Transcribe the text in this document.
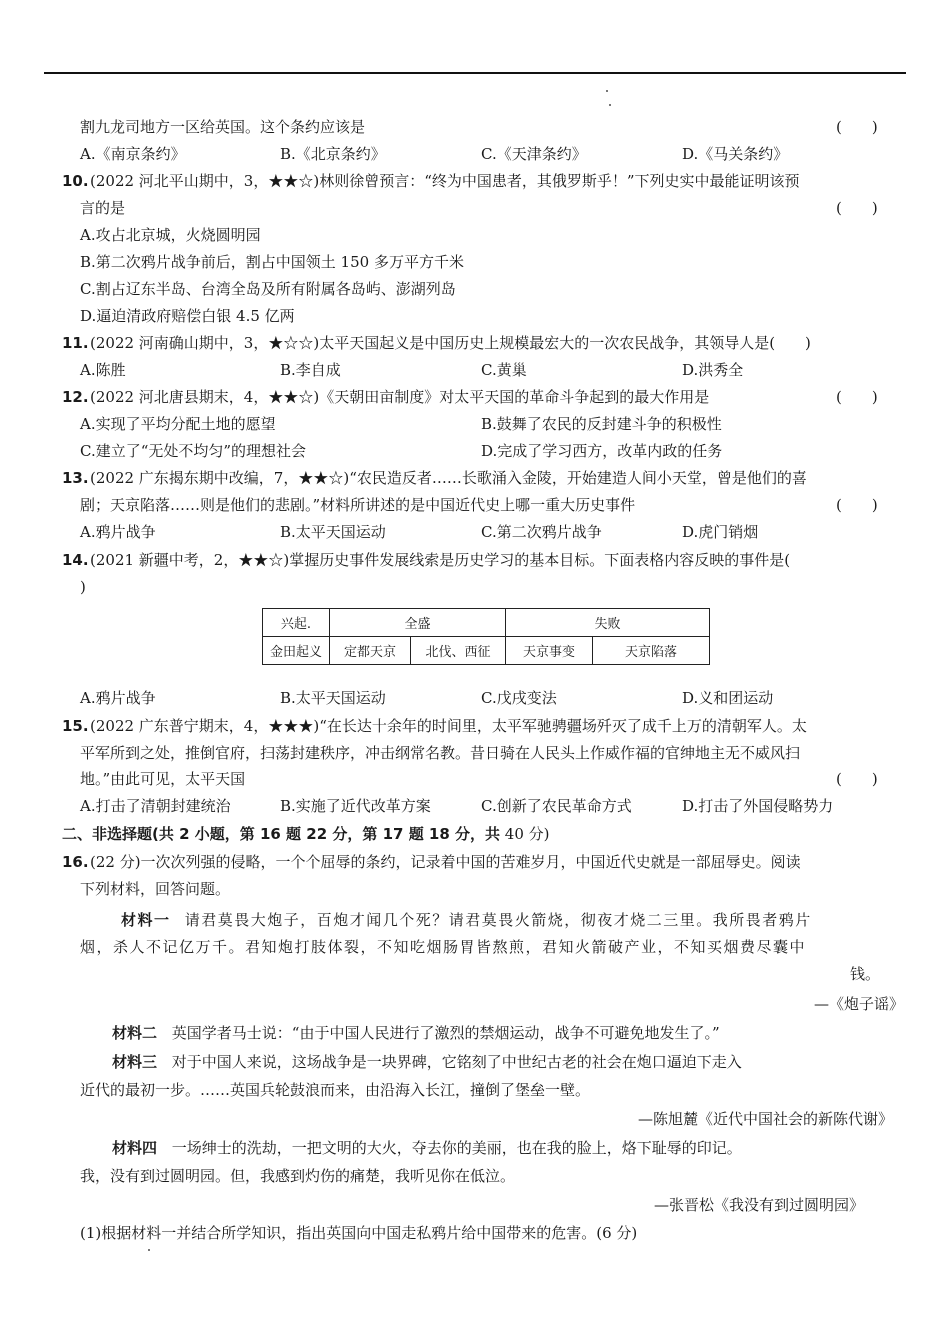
割九龙司地方一区给英国。这个条约应该是	(　　)
A.《南京条约》	B.《北京条约》	C.《天津条约》	D.《马关条约》
10. (2022 河北平山期中，3，★★☆)林则徐曾预言：“终为中国患者，其俄罗斯乎！”下列史实中最能证明该预
言的是	(　　)
A.攻占北京城，火烧圆明园
B.第二次鸦片战争前后，割占中国领土 150 多万平方千米
C.割占辽东半岛、台湾全岛及所有附属各岛屿、澎湖列岛
D.逼迫清政府赔偿白银 4.5 亿两
11. (2022 河南确山期中，3，★☆☆)太平天国起义是中国历史上规模最宏大的一次农民战争，其领导人是(　　)
A.陈胜	B.李自成	C.黄巢	D.洪秀全
12. (2022 河北唐县期末，4，★★☆)《天朝田亩制度》对太平天国的革命斗争起到的最大作用是	(　　)
A.实现了平均分配土地的愿望	B.鼓舞了农民的反封建斗争的积极性
C.建立了“无处不均匀”的理想社会	D.完成了学习西方，改革内政的任务
13. (2022 广东揭东期中改编，7，★★☆)“农民造反者……长歌涌入金陵，开始建造人间小天堂，曾是他们的喜
剧；天京陷落……则是他们的悲剧。”材料所讲述的是中国近代史上哪一重大历史事件	(　　)
A.鸦片战争	B.太平天国运动	C.第二次鸦片战争	D.虎门销烟
14. (2021 新疆中考，2，★★☆)掌握历史事件发展线索是历史学习的基本目标。下面表格内容反映的事件是(
)
兴起.	全盛		失败	
金田起义	定都天京	北伐、西征	天京事变	天京陷落
A.鸦片战争	B.太平天国运动	C.戊戌变法	D.义和团运动
15. (2022 广东普宁期末，4，★★★)“在长达十余年的时间里，太平军驰骋疆场歼灭了成千上万的清朝军人。太
平军所到之处，推倒官府，扫荡封建秩序，冲击纲常名教。昔日骑在人民头上作威作福的官绅地主无不威风扫
地。”由此可见，太平天国	(　　)
A.打击了清朝封建统治	B.实施了近代改革方案	C.创新了农民革命方式	D.打击了外国侵略势力
二、非选择题(共 2 小题，第 16 题 22 分，第 17 题 18 分，共 40 分)
16. (22 分)一次次列强的侵略，一个个屈辱的条约，记录着中国的苦难岁月，中国近代史就是一部屈辱史。阅读
下列材料，回答问题。
材料一 请君莫畏大炮子，百炮才闻几个死？请君莫畏火箭烧，彻夜才烧二三里。我所畏者鸦片
烟，杀人不记亿万千。君知炮打肢体裂，不知吃烟肠胃皆熬煎，君知火箭破产业，不知买烟费尽囊中
钱。
—《炮子谣》
材料二 英国学者马士说：“由于中国人民进行了激烈的禁烟运动，战争不可避免地发生了。”
材料三 对于中国人来说，这场战争是一块界碑，它铭刻了中世纪古老的社会在炮口逼迫下走入
近代的最初一步。……英国兵轮鼓浪而来，由沿海入长江，撞倒了堡垒一壁。
—陈旭麓《近代中国社会的新陈代谢》
材料四 一场绅士的洗劫，一把文明的大火，夺去你的美丽，也在我的脸上，烙下耻辱的印记。
我，没有到过圆明园。但，我感到灼伤的痛楚，我听见你在低泣。
—张晋松《我没有到过圆明园》
(1)根据材料一并结合所学知识，指出英国向中国走私鸦片给中国带来的危害。(6 分)
